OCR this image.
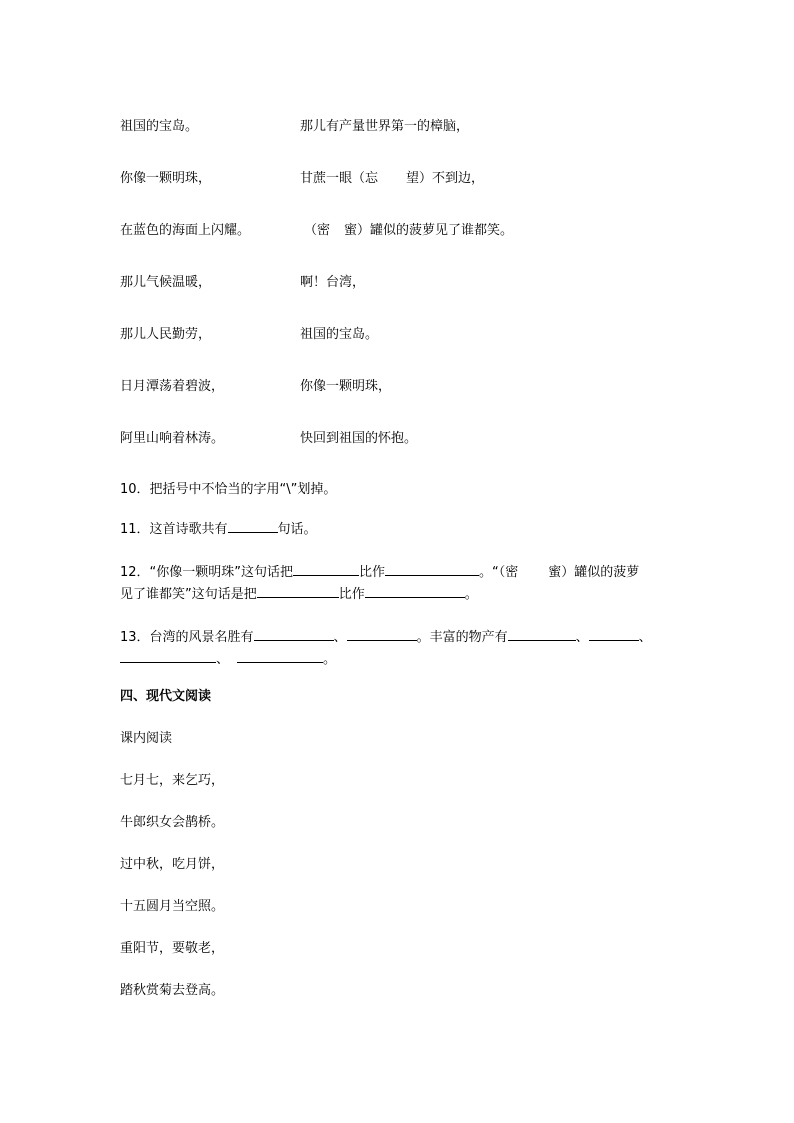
祖国的宝岛。	那儿有产量世界第一的樟脑，
你像一颗明珠，	甘蔗一眼（忘 望）不到边，
在蓝色的海面上闪耀。	（密 蜜）罐似的菠萝见了谁都笑。
那儿气候温暖，	啊！台湾，
那儿人民勤劳，	祖国的宝岛。
日月潭荡着碧波，	你像一颗明珠，
阿里山响着林涛。	快回到祖国的怀抱。
10．把括号中不恰当的字用“\”划掉。
11．这首诗歌共有	句话。
12．“你像一颗明珠”这句话把	比作	。“（密 蜜）罐似的菠萝
见了谁都笑”这句话是把	比作	。
13．台湾的风景名胜有	、	。丰富的物产有	、	、
、	。
四、现代文阅读
课内阅读
七月七，来乞巧，
牛郎织女会鹊桥。
过中秋，吃月饼，
十五圆月当空照。
重阳节，要敬老，
踏秋赏菊去登高。
